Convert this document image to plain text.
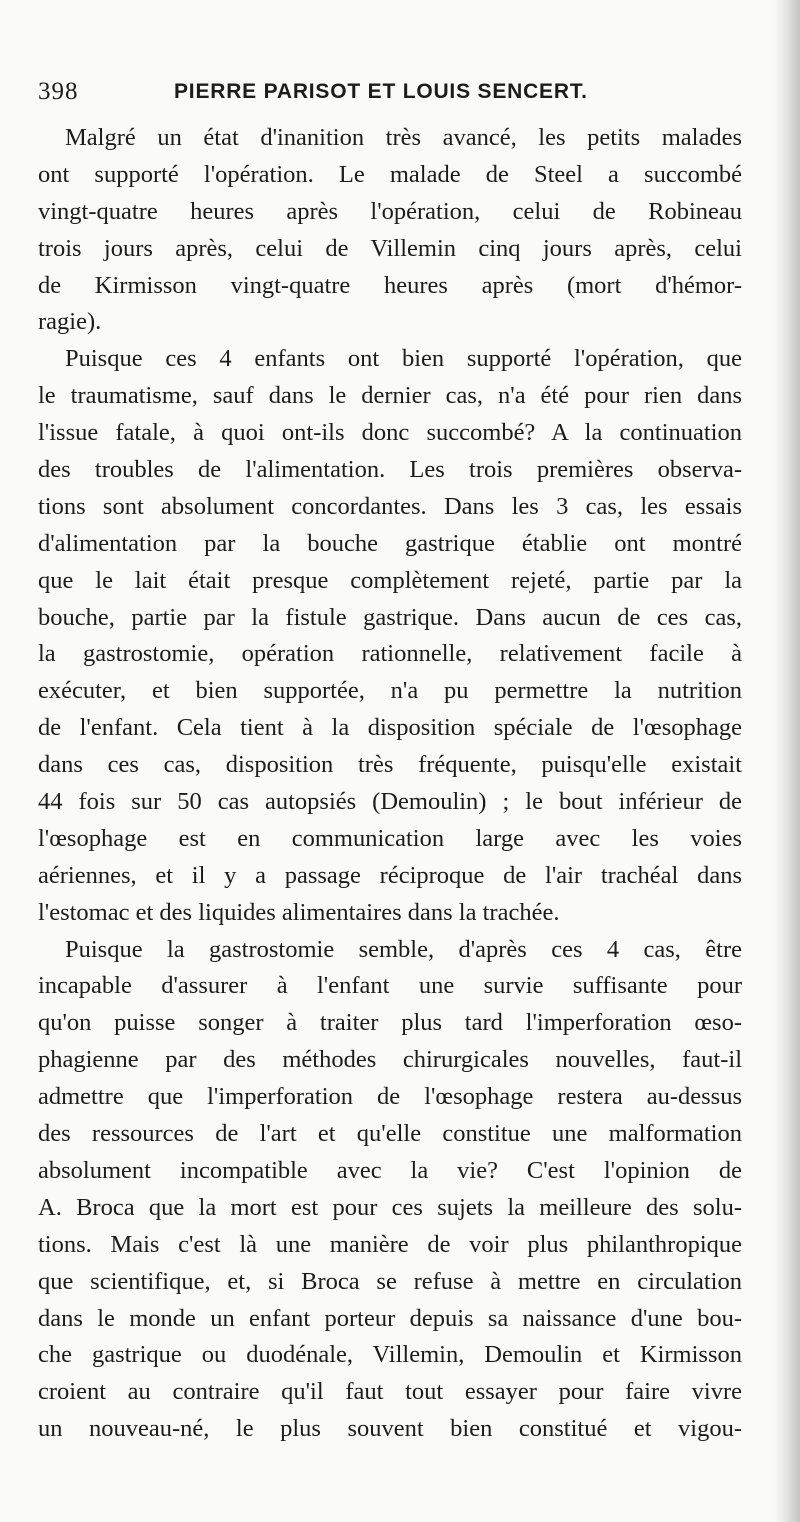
398	PIERRE PARISOT ET LOUIS SENCERT.
Malgré un état d'inanition très avancé, les petits malades
ont supporté l'opération. Le malade de Steel a succombé
vingt-quatre heures après l'opération, celui de Robineau
trois jours après, celui de Villemin cinq jours après, celui
de Kirmisson vingt-quatre heures après (mort d'hémor-
ragie).
Puisque ces 4 enfants ont bien supporté l'opération, que
le traumatisme, sauf dans le dernier cas, n'a été pour rien dans
l'issue fatale, à quoi ont-ils donc succombé? A la continuation
des troubles de l'alimentation. Les trois premières observa-
tions sont absolument concordantes. Dans les 3 cas, les essais
d'alimentation par la bouche gastrique établie ont montré
que le lait était presque complètement rejeté, partie par la
bouche, partie par la fistule gastrique. Dans aucun de ces cas,
la gastrostomie, opération rationnelle, relativement facile à
exécuter, et bien supportée, n'a pu permettre la nutrition
de l'enfant. Cela tient à la disposition spéciale de l'œsophage
dans ces cas, disposition très fréquente, puisqu'elle existait
44 fois sur 50 cas autopsiés (Demoulin) ; le bout inférieur de
l'œsophage est en communication large avec les voies
aériennes, et il y a passage réciproque de l'air trachéal dans
l'estomac et des liquides alimentaires dans la trachée.
Puisque la gastrostomie semble, d'après ces 4 cas, être
incapable d'assurer à l'enfant une survie suffisante pour
qu'on puisse songer à traiter plus tard l'imperforation œso-
phagienne par des méthodes chirurgicales nouvelles, faut-il
admettre que l'imperforation de l'œsophage restera au-dessus
des ressources de l'art et qu'elle constitue une malformation
absolument incompatible avec la vie? C'est l'opinion de
A. Broca que la mort est pour ces sujets la meilleure des solu-
tions. Mais c'est là une manière de voir plus philanthropique
que scientifique, et, si Broca se refuse à mettre en circulation
dans le monde un enfant porteur depuis sa naissance d'une bou-
che gastrique ou duodénale, Villemin, Demoulin et Kirmisson
croient au contraire qu'il faut tout essayer pour faire vivre
un nouveau-né, le plus souvent bien constitué et vigou-
